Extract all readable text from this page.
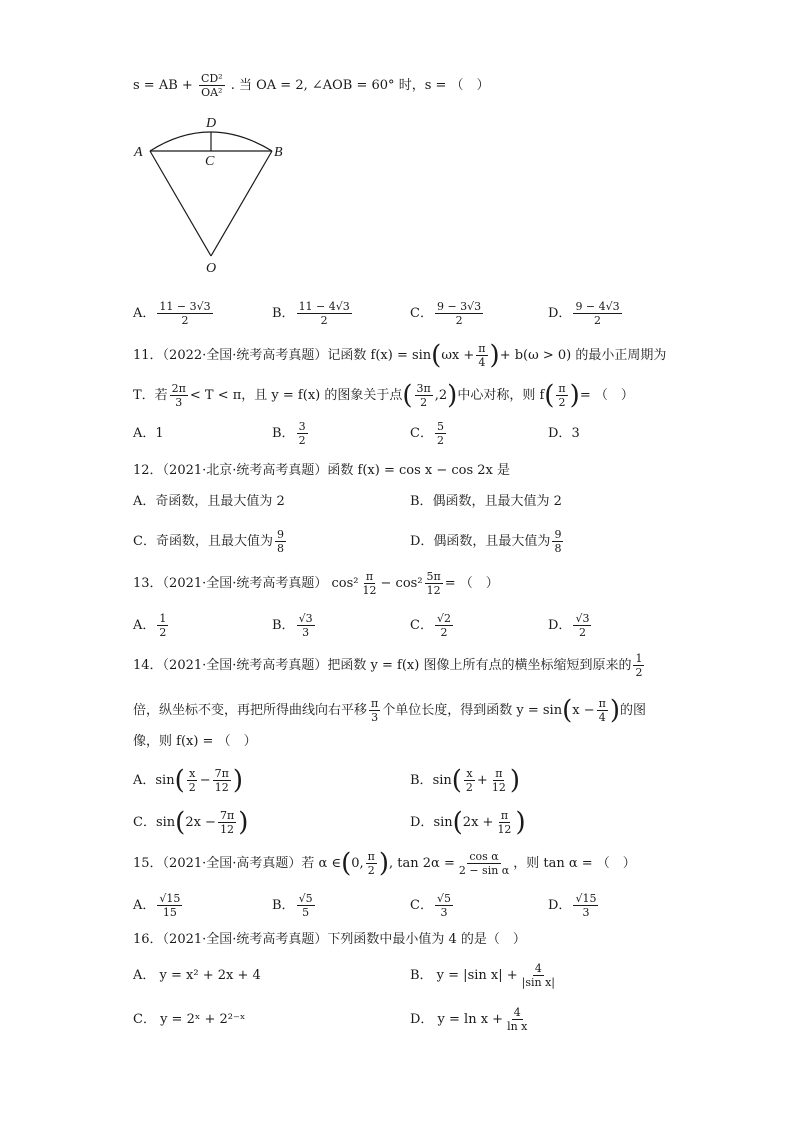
s = AB + $\frac{\text{CD²}}{\text{OA²}}$ . 当 OA = 2, ∠AOB = 60° 时，s = （　）
A	B
C
D
O
A． $\frac{11 - 3√3}{2}$	B． $\frac{11 - 4√3}{2}$	C． $\frac{9 - 3√3}{2}$	D． $\frac{9 - 4√3}{2}$
11．（2022·全国·统考高考真题）记函数 $f(x) = \sin(\omega x + \frac{\pi}{4}$ )+ b(ω > 0) 的最小正周期为
T．若 $\frac{2\pi}{3} < T < \pi$，且 y = f(x) 的图象关于点( $\frac{3\pi}{2} ,2$)中心对称，则 $f( \frac{\pi}{2}$ )= （　）
A．1	B． $\frac{3}{2}$	C． $\frac{5}{2}$	D．3
12．（2021·北京·统考高考真题）函数 f(x) = cos x − cos 2x 是
A．奇函数，且最大值为 2	B．偶函数，且最大值为 2
C．奇函数，且最大值为 $\frac{9}{8}$	D．偶函数，且最大值为 $\frac{9}{8}$
13．（2021·全国·统考高考真题） $\cos^2 \frac{\pi}{12} - \cos^2 \frac{5\pi}{12}$ = （　）
A． $\frac{1}{2}$	B． $\frac{√3}{3}$	C． $\frac{√2}{2}$	D． $\frac{√3}{2}$
14．（2021·全国·统考高考真题）把函数 y = f(x) 图像上所有点的横坐标缩短到原来的 $\frac{1}{2}$
倍，纵坐标不变，再把所得曲线向右平移 $\frac{\pi}{3}$ 个单位长度，得到函数 $y = \sin(x - \frac{\pi}{4}$ )的图
像，则 f(x) = （　）
A．$\sin( \frac{x}{2} - \frac{7\pi}{12}$ )	B．$\sin( \frac{x}{2} + \frac{\pi}{12}$ )
C．$\sin(2x - \frac{7\pi}{12}$ )	D．$\sin(2x + \frac{\pi}{12}$ )
15．（2021·全国·高考真题）若 α ∈(0, $\frac{\pi}{2}$ ), $\tan 2\alpha = \frac{\text{cos α}}{\text{2 − sin α}}$ ，则 tan α = （　）
A． $\frac{√15}{15}$	B． $\frac{√5}{5}$	C． $\frac{√5}{3}$	D． $\frac{√15}{3}$
16．（2021·全国·统考高考真题）下列函数中最小值为 4 的是（　）
A． y = x² + 2x + 4	B． y = |sin $x| + \frac{4}{\text{|sin x|}}$
C． y = 2ˣ + 2²⁻ˣ	D． $y = \ln x + \frac{4}{\text{ln x}}$
